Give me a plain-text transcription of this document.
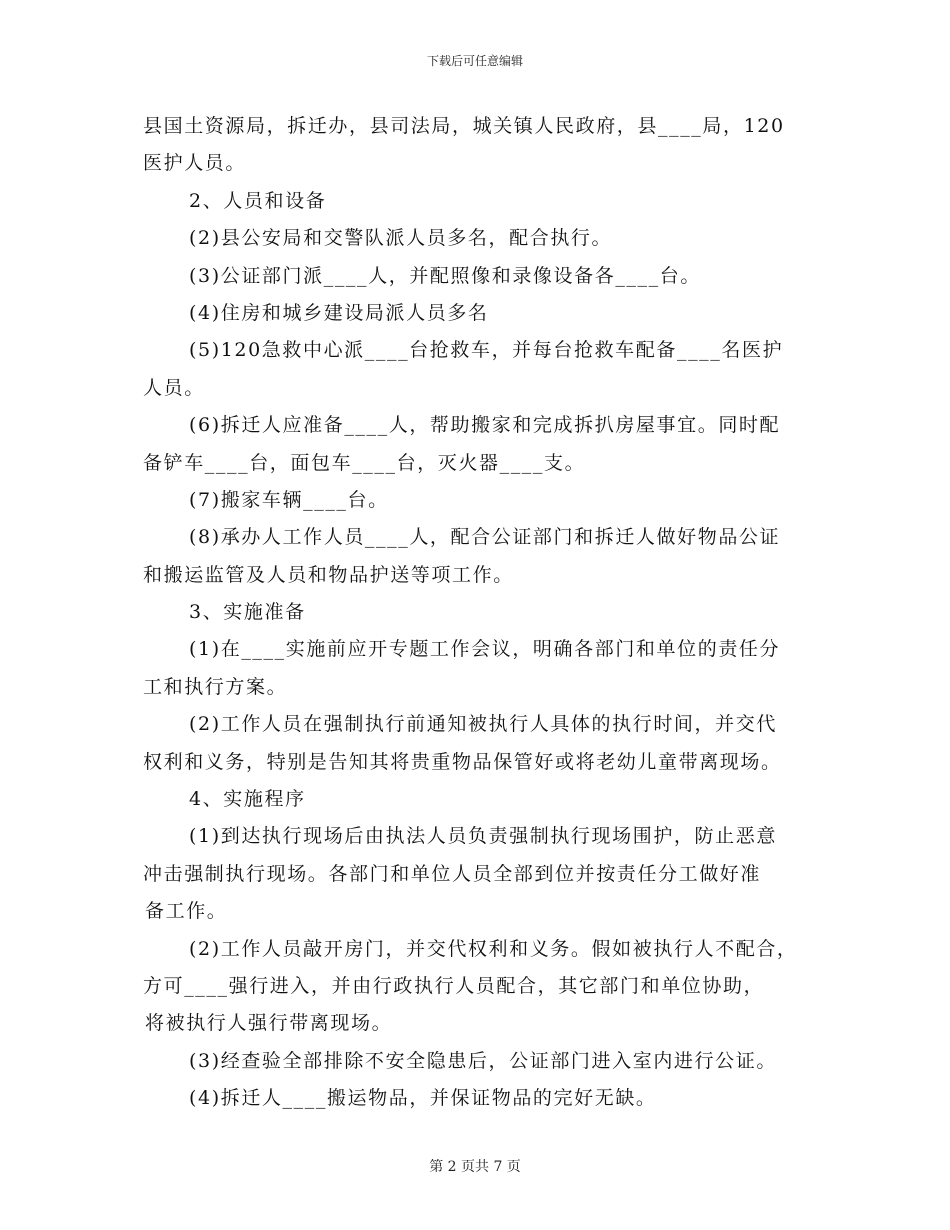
下载后可任意编辑
县国土资源局，拆迁办，县司法局，城关镇人民政府，县____局，120
医护人员。
2、人员和设备
(2)县公安局和交警队派人员多名，配合执行。
(3)公证部门派____人，并配照像和录像设备各____台。
(4)住房和城乡建设局派人员多名
(5)120急救中心派____台抢救车，并每台抢救车配备____名医护
人员。
(6)拆迁人应准备____人，帮助搬家和完成拆扒房屋事宜。同时配
备铲车____台，面包车____台，灭火器____支。
(7)搬家车辆____台。
(8)承办人工作人员____人，配合公证部门和拆迁人做好物品公证
和搬运监管及人员和物品护送等项工作。
3、实施准备
(1)在____实施前应开专题工作会议，明确各部门和单位的责任分
工和执行方案。
(2)工作人员在强制执行前通知被执行人具体的执行时间，并交代
权利和义务，特别是告知其将贵重物品保管好或将老幼儿童带离现场。
4、实施程序
(1)到达执行现场后由执法人员负责强制执行现场围护，防止恶意
冲击强制执行现场。各部门和单位人员全部到位并按责任分工做好准
备工作。
(2)工作人员敲开房门，并交代权利和义务。假如被执行人不配合，
方可____强行进入，并由行政执行人员配合，其它部门和单位协助，
将被执行人强行带离现场。
(3)经查验全部排除不安全隐患后，公证部门进入室内进行公证。
(4)拆迁人____搬运物品，并保证物品的完好无缺。
第 2 页共 7 页
